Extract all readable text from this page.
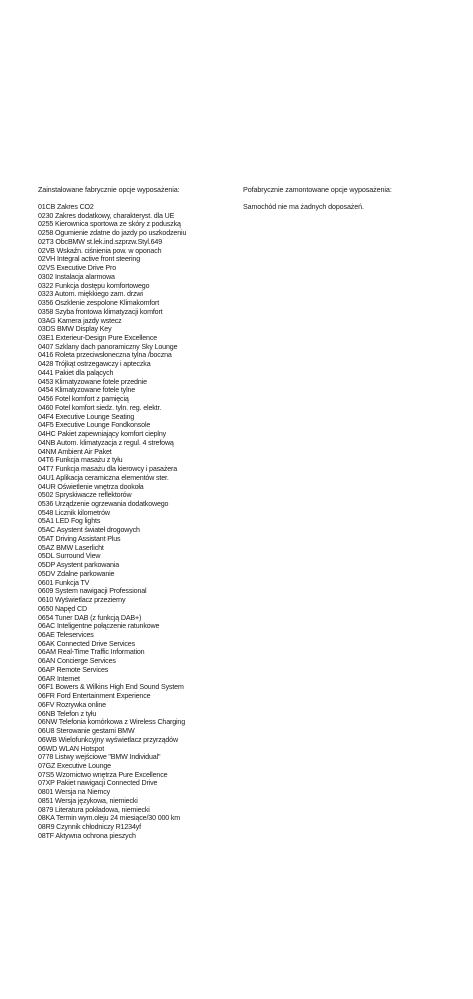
Zainstalowane fabrycznie opcje wyposażenia:
01CB Zakres CO2
0230 Zakres dodatkowy, charakteryst. dla UE
0255 Kierownica sportowa ze skóry z poduszką
0258 Ogumienie zdatne do jazdy po uszkodzeniu
02T3 ObcBMW st.lek.ind.szprzw.Styl.649
02VB Wskaźn. ciśnienia pow. w oponach
02VH Integral active front steering
02VS Executive Drive Pro
0302 Instalacja alarmowa
0322 Funkcja dostępu komfortowego
0323 Autom. miękkiego zam. drzwi
0356 Oszklenie zespolone Klimakomfort
0358 Szyba frontowa klimatyzacji komfort
03AG Kamera jazdy wstecz
03DS BMW Display Key
03E1 Exterieur-Design Pure Excellence
0407 Szklany dach panoramiczny Sky Lounge
0416 Roleta przeciwsłoneczna tylna /boczna
0428 Trójkąt ostrzegawczy i apteczka
0441 Pakiet dla palących
0453 Klimatyzowane fotele przednie
0454 Klimatyzowane fotele tylne
0456 Fotel komfort z pamięcią
0460 Fotel komfort siedz. tyln. reg. elektr.
04F4 Executive Lounge Seating
04F5 Executive Lounge Fondkonsole
04HC Pakiet zapewniający komfort cieplny
04NB Autom. klimatyzacja z regul. 4 strefową
04NM Ambient Air Paket
04T6 Funkcja masażu z tyłu
04T7 Funkcja masażu dla kierowcy i pasażera
04U1 Aplikacja ceramiczna elementów ster.
04UR Oświetlenie wnętrza dookoła
0502 Spryskiwacze reflektorów
0536 Urządzenie ogrzewania dodatkowego
0548 Licznik kilometrów
05A1 LED Fog lights
05AC Asystent świateł drogowych
05AT Driving Assistant Plus
05AZ BMW Laserlicht
05DL Surround View
05DP Asystent parkowania
05DV Zdalne parkowanie
0601 Funkcja TV
0609 System nawigacji Professional
0610 Wyświetlacz przezierny
0650 Napęd CD
0654 Tuner DAB (z funkcją DAB+)
06AC Inteligentne połączenie ratunkowe
06AE Teleservices
06AK Connected Drive Services
06AM Real-Time Traffic Information
06AN Concierge Services
06AP Remote Services
06AR Internet
06F1 Bowers & Wilkins High End Sound System
06FR Ford Entertainment Experience
06FV Rozrywka online
06NB Telefon z tyłu
06NW Telefonia komórkowa z Wireless Charging
06U8 Sterowanie gestami BMW
06WB Wielofunkcyjny wyświetlacz przyrządów
06WD WLAN Hotspot
0778 Listwy wejściowe "BMW Individual"
07GZ Executive Lounge
07S5 Wzornictwo wnętrza Pure Excellence
07XP Pakiet nawigacji Connected Drive
0801 Wersja na Niemcy
0851 Wersja językowa, niemiecki
0879 Literatura pokładowa, niemiecki
08KA Termin wym.oleju 24 miesiące/30 000 km
08R9 Czynnik chłodniczy R1234yf
08TF Aktywna ochrona pieszych
Pofabrycznie zamontowane opcje wyposażenia:
Samochód nie ma żadnych doposażeń.
